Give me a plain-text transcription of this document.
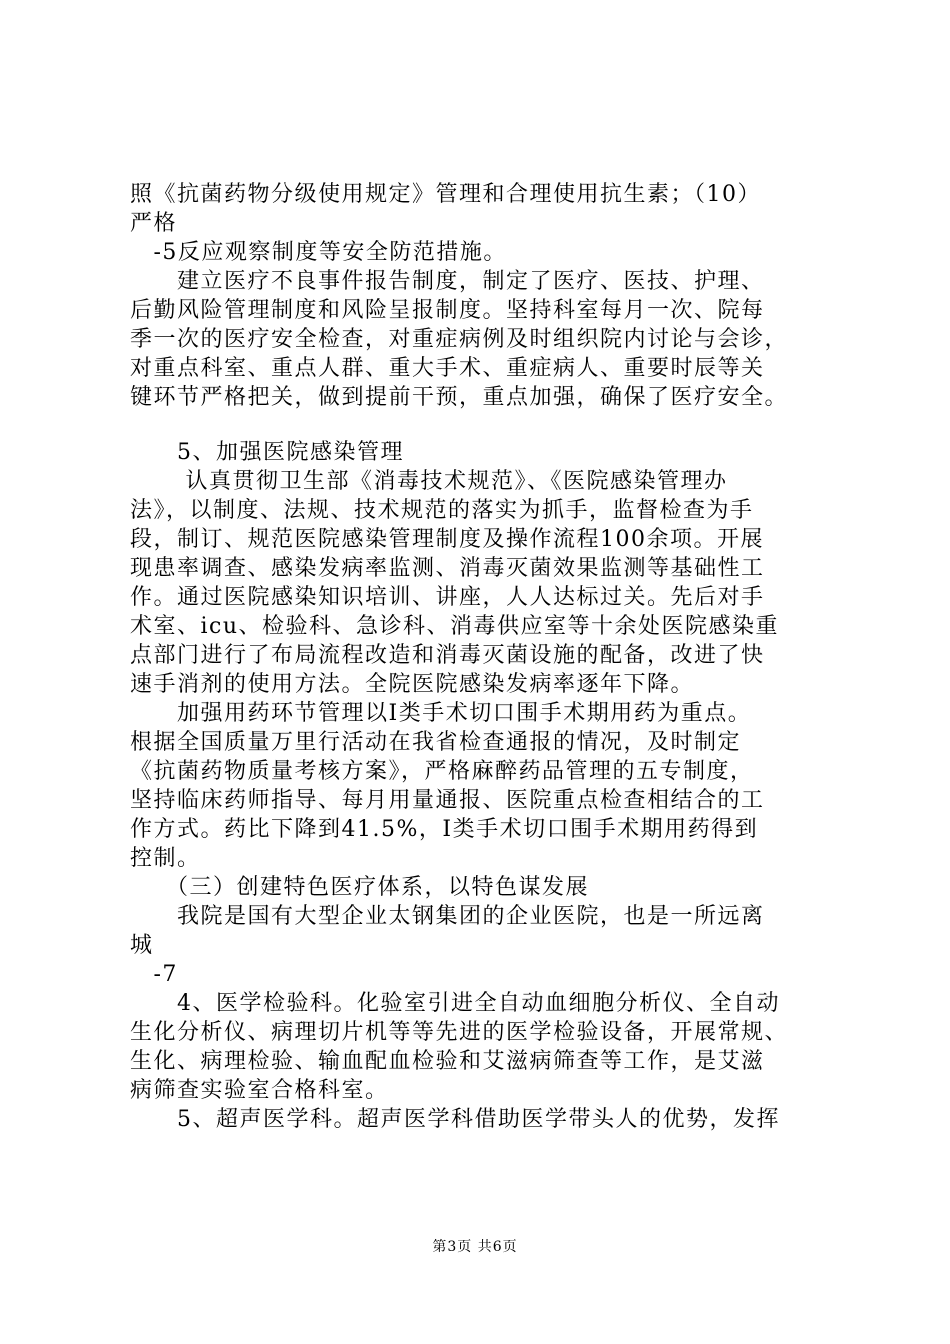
照《抗菌药物分级使用规定》管理和合理使用抗生素；（10）
严格
　-5反应观察制度等安全防范措施。
　　建立医疗不良事件报告制度，制定了医疗、医技、护理、
后勤风险管理制度和风险呈报制度。坚持科室每月一次、院每
季一次的医疗安全检查，对重症病例及时组织院内讨论与会诊，
对重点科室、重点人群、重大手术、重症病人、重要时辰等关
键环节严格把关，做到提前干预，重点加强，确保了医疗安全。
　　5、加强医院感染管理
　　 认真贯彻卫生部《消毒技术规范》、《医院感染管理办
法》，以制度、法规、技术规范的落实为抓手，监督检查为手
段，制订、规范医院感染管理制度及操作流程100余项。开展
现患率调查、感染发病率监测、消毒灭菌效果监测等基础性工
作。通过医院感染知识培训、讲座，人人达标过关。先后对手
术室、icu、检验科、急诊科、消毒供应室等十余处医院感染重
点部门进行了布局流程改造和消毒灭菌设施的配备，改进了快
速手消剂的使用方法。全院医院感染发病率逐年下降。
　　加强用药环节管理以Ⅰ类手术切口围手术期用药为重点。
根据全国质量万里行活动在我省检查通报的情况，及时制定
《抗菌药物质量考核方案》，严格麻醉药品管理的五专制度，
坚持临床药师指导、每月用量通报、医院重点检查相结合的工
作方式。药比下降到41.5%，Ⅰ类手术切口围手术期用药得到
控制。
　　（三）创建特色医疗体系，以特色谋发展
　　我院是国有大型企业太钢集团的企业医院，也是一所远离
城
　-7
　　4、医学检验科。化验室引进全自动血细胞分析仪、全自动
生化分析仪、病理切片机等等先进的医学检验设备，开展常规、
生化、病理检验、输血配血检验和艾滋病筛查等工作，是艾滋
病筛查实验室合格科室。
　　5、超声医学科。超声医学科借助医学带头人的优势，发挥
第3页 共6页
